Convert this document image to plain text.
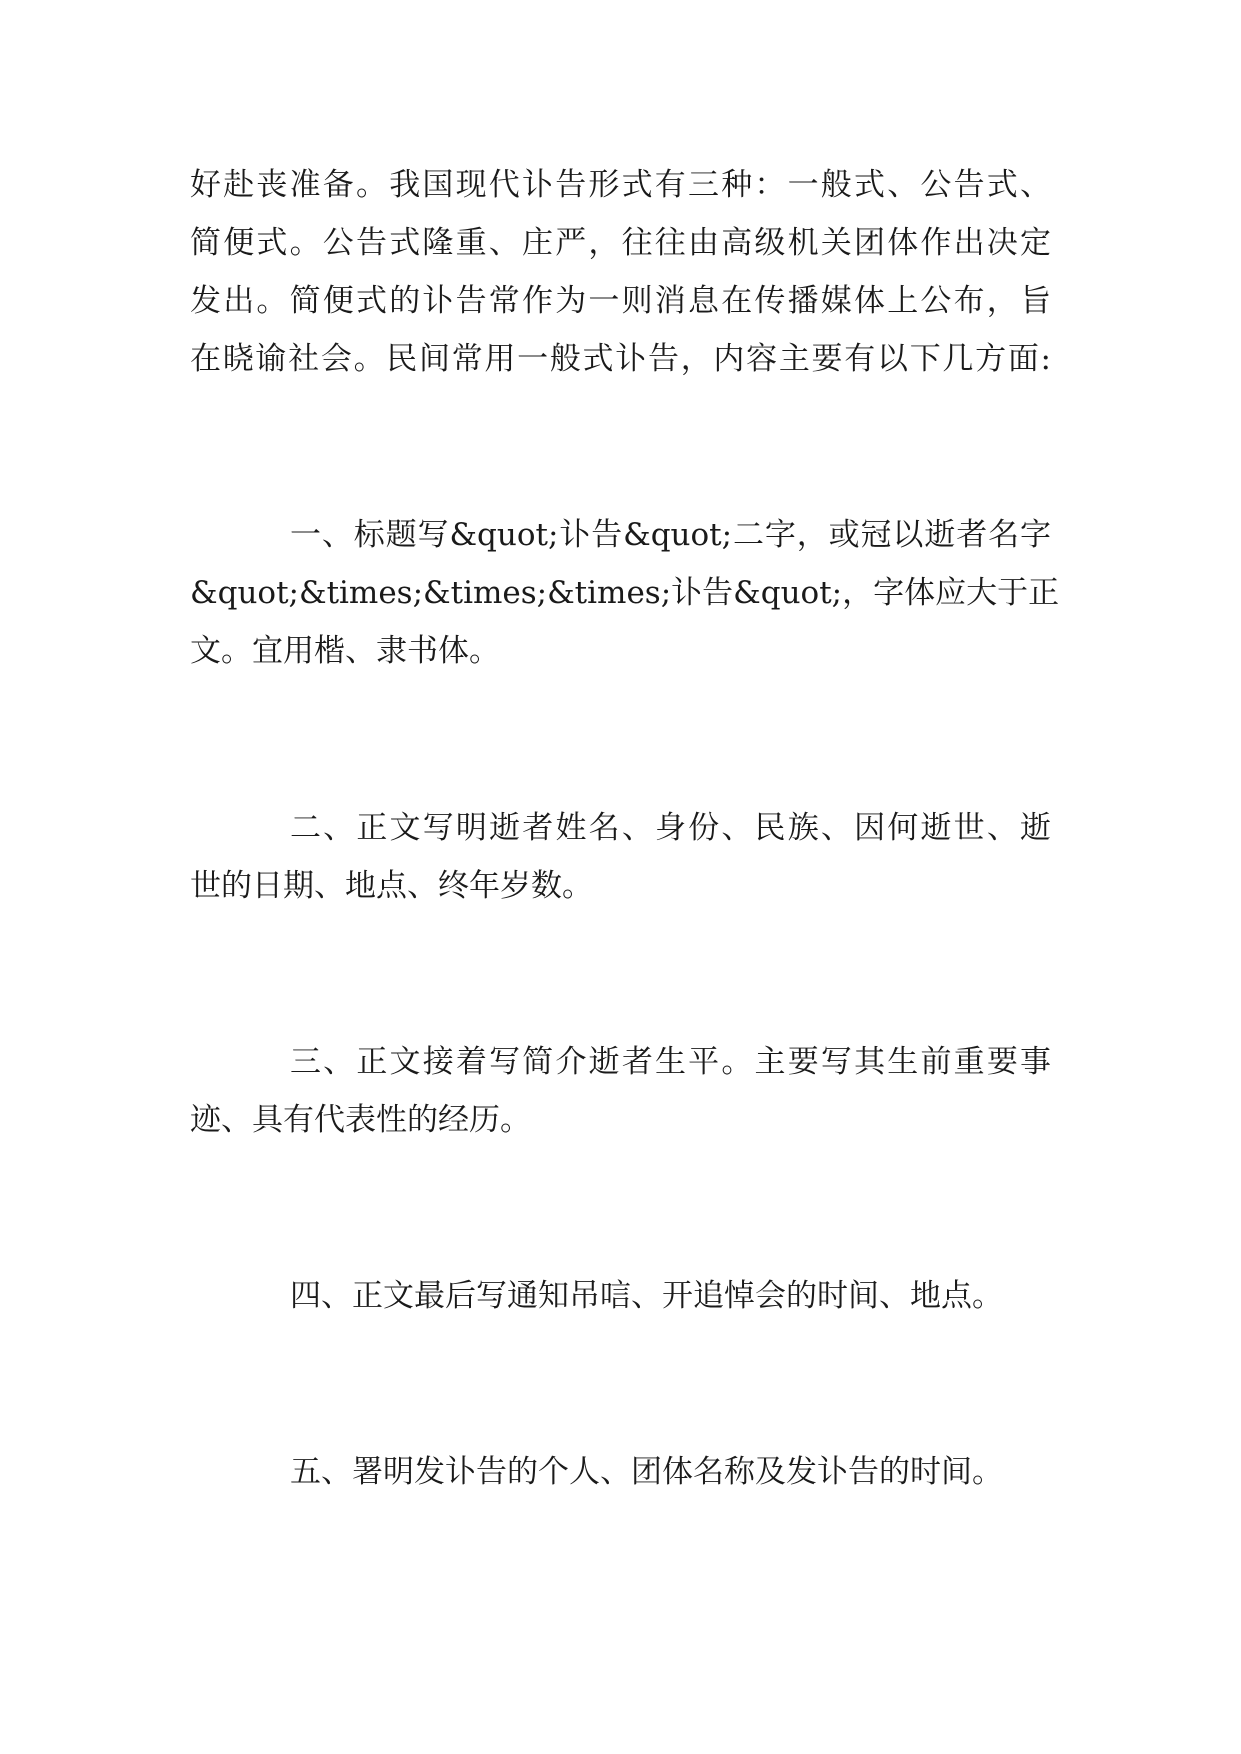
好赴丧准备。我国现代讣告形式有三种：一般式、公告式、
简便式。公告式隆重、庄严，往往由高级机关团体作出决定
发出。简便式的讣告常作为一则消息在传播媒体上公布，旨
在晓谕社会。民间常用一般式讣告，内容主要有以下几方面:
一、标题写&quot;讣告&quot;二字，或冠以逝者名字
&quot;&times;&times;&times;讣告&quot;，字体应大于正
文。宜用楷、隶书体。
二、正文写明逝者姓名、身份、民族、因何逝世、逝
世的日期、地点、终年岁数。
三、正文接着写简介逝者生平。主要写其生前重要事
迹、具有代表性的经历。
四、正文最后写通知吊唁、开追悼会的时间、地点。
五、署明发讣告的个人、团体名称及发讣告的时间。
